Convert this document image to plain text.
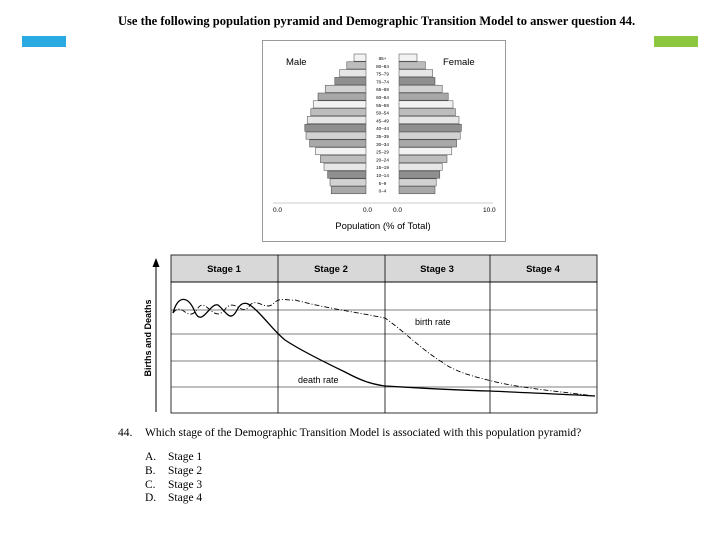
Use the following population pyramid and Demographic Transition Model to answer question 44.
85+
80–84
75–79
70–74
65–69
60–64
55–59
50–54
45–49
40–44
35–39
30–34
25–29
20–24
15–19
10–14
5–9
0–4
Male	Female
0.0	0.0	0.0	10.0
Population (% of Total)
Births and Deaths
Stage 1	Stage 2	Stage 3	Stage 4
birth rate
death rate
44. Which stage of the Demographic Transition Model is associated with this population pyramid?
A. Stage 1
B. Stage 2
C. Stage 3
D. Stage 4
